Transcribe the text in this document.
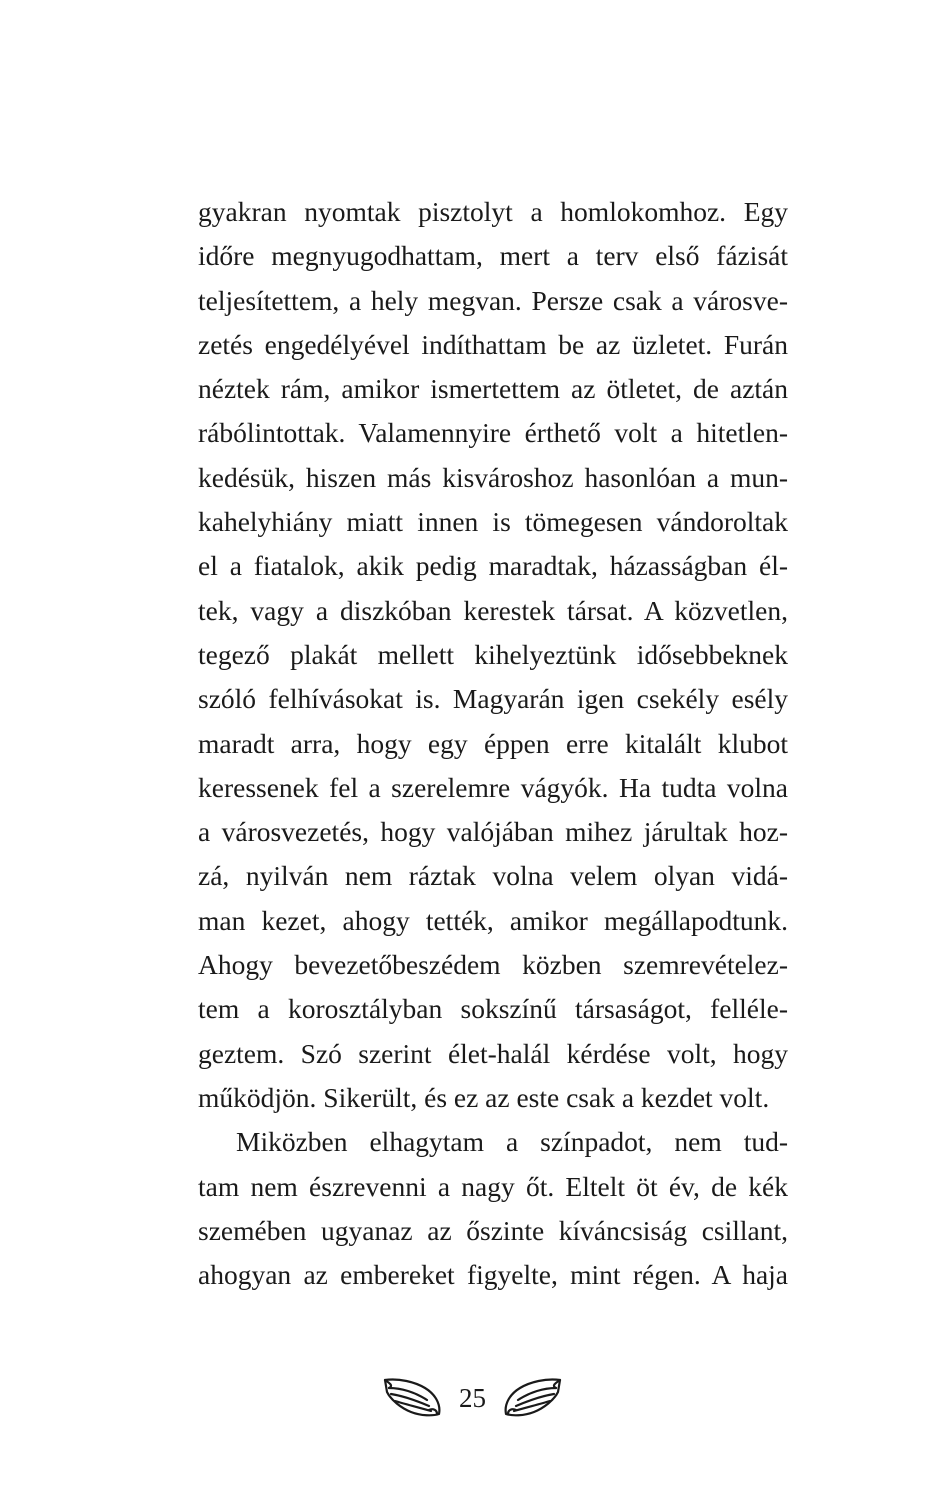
gyakran nyomtak pisztolyt a homlokomhoz. Egy
időre megnyugodhattam, mert a terv első fázisát
teljesítettem, a hely megvan. Persze csak a városve-
zetés engedélyével indíthattam be az üzletet. Furán
néztek rám, amikor ismertettem az ötletet, de aztán
rábólintottak. Valamennyire érthető volt a hitetlen-
kedésük, hiszen más kisvároshoz hasonlóan a mun-
kahelyhiány miatt innen is tömegesen vándoroltak
el a fiatalok, akik pedig maradtak, házasságban él-
tek, vagy a diszkóban kerestek társat. A közvetlen,
tegező plakát mellett kihelyeztünk idősebbeknek
szóló felhívásokat is. Magyarán igen csekély esély
maradt arra, hogy egy éppen erre kitalált klubot
keressenek fel a szerelemre vágyók. Ha tudta volna
a városvezetés, hogy valójában mihez járultak hoz-
zá, nyilván nem ráztak volna velem olyan vidá-
man kezet, ahogy tették, amikor megállapodtunk.
Ahogy bevezetőbeszédem közben szemrevételez-
tem a korosztályban sokszínű társaságot, fellélе-
geztem. Szó szerint élet-halál kérdése volt, hogy
működjön. Sikerült, és ez az este csak a kezdet volt.

Miközben elhagytam a színpadot, nem tud-
tam nem észrevenni a nagy őt. Eltelt öt év, de kék
szemében ugyanaz az őszinte kíváncsiság csillant,
ahogyan az embereket figyelte, mint régen. A haja

25
